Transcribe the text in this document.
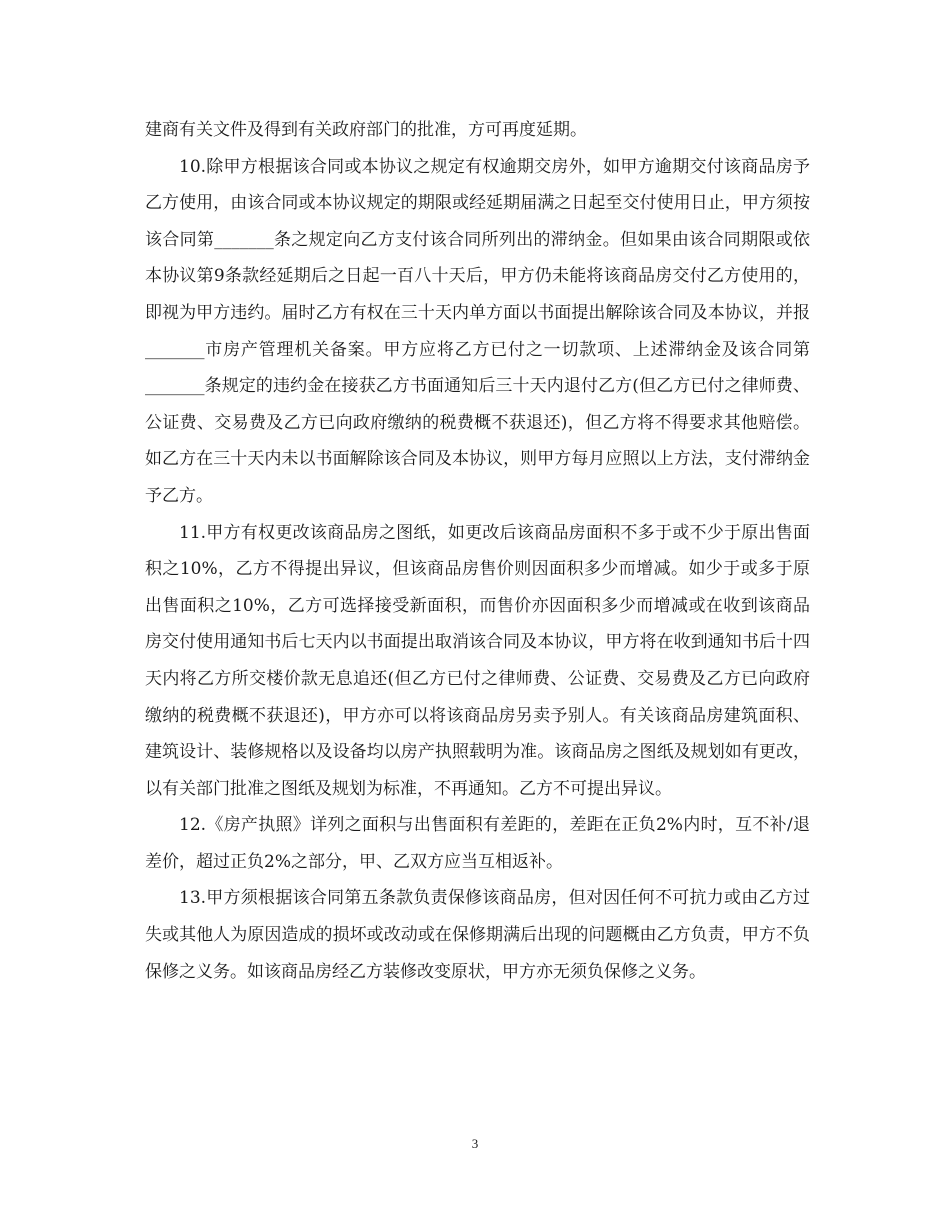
建商有关文件及得到有关政府部门的批准，方可再度延期。

10.除甲方根据该合同或本协议之规定有权逾期交房外，如甲方逾期交付该商品房予乙方使用，由该合同或本协议规定的期限或经延期届满之日起至交付使用日止，甲方须按该合同第_______条之规定向乙方支付该合同所列出的滞纳金。但如果由该合同期限或依本协议第9条款经延期后之日起一百八十天后，甲方仍未能将该商品房交付乙方使用的，即视为甲方违约。届时乙方有权在三十天内单方面以书面提出解除该合同及本协议，并报_______市房产管理机关备案。甲方应将乙方已付之一切款项、上述滞纳金及该合同第_______条规定的违约金在接获乙方书面通知后三十天内退付乙方(但乙方已付之律师费、公证费、交易费及乙方已向政府缴纳的税费概不获退还)，但乙方将不得要求其他赔偿。如乙方在三十天内未以书面解除该合同及本协议，则甲方每月应照以上方法，支付滞纳金予乙方。

11.甲方有权更改该商品房之图纸，如更改后该商品房面积不多于或不少于原出售面积之10%，乙方不得提出异议，但该商品房售价则因面积多少而增减。如少于或多于原出售面积之10%，乙方可选择接受新面积，而售价亦因面积多少而增减或在收到该商品房交付使用通知书后七天内以书面提出取消该合同及本协议，甲方将在收到通知书后十四天内将乙方所交楼价款无息追还(但乙方已付之律师费、公证费、交易费及乙方已向政府缴纳的税费概不获退还)，甲方亦可以将该商品房另卖予别人。有关该商品房建筑面积、建筑设计、装修规格以及设备均以房产执照载明为准。该商品房之图纸及规划如有更改，以有关部门批准之图纸及规划为标准，不再通知。乙方不可提出异议。

12.《房产执照》详列之面积与出售面积有差距的，差距在正负2%内时，互不补/退差价，超过正负2%之部分，甲、乙双方应当互相返补。

13.甲方须根据该合同第五条款负责保修该商品房，但对因任何不可抗力或由乙方过失或其他人为原因造成的损坏或改动或在保修期满后出现的问题概由乙方负责，甲方不负保修之义务。如该商品房经乙方装修改变原状，甲方亦无须负保修之义务。

3
